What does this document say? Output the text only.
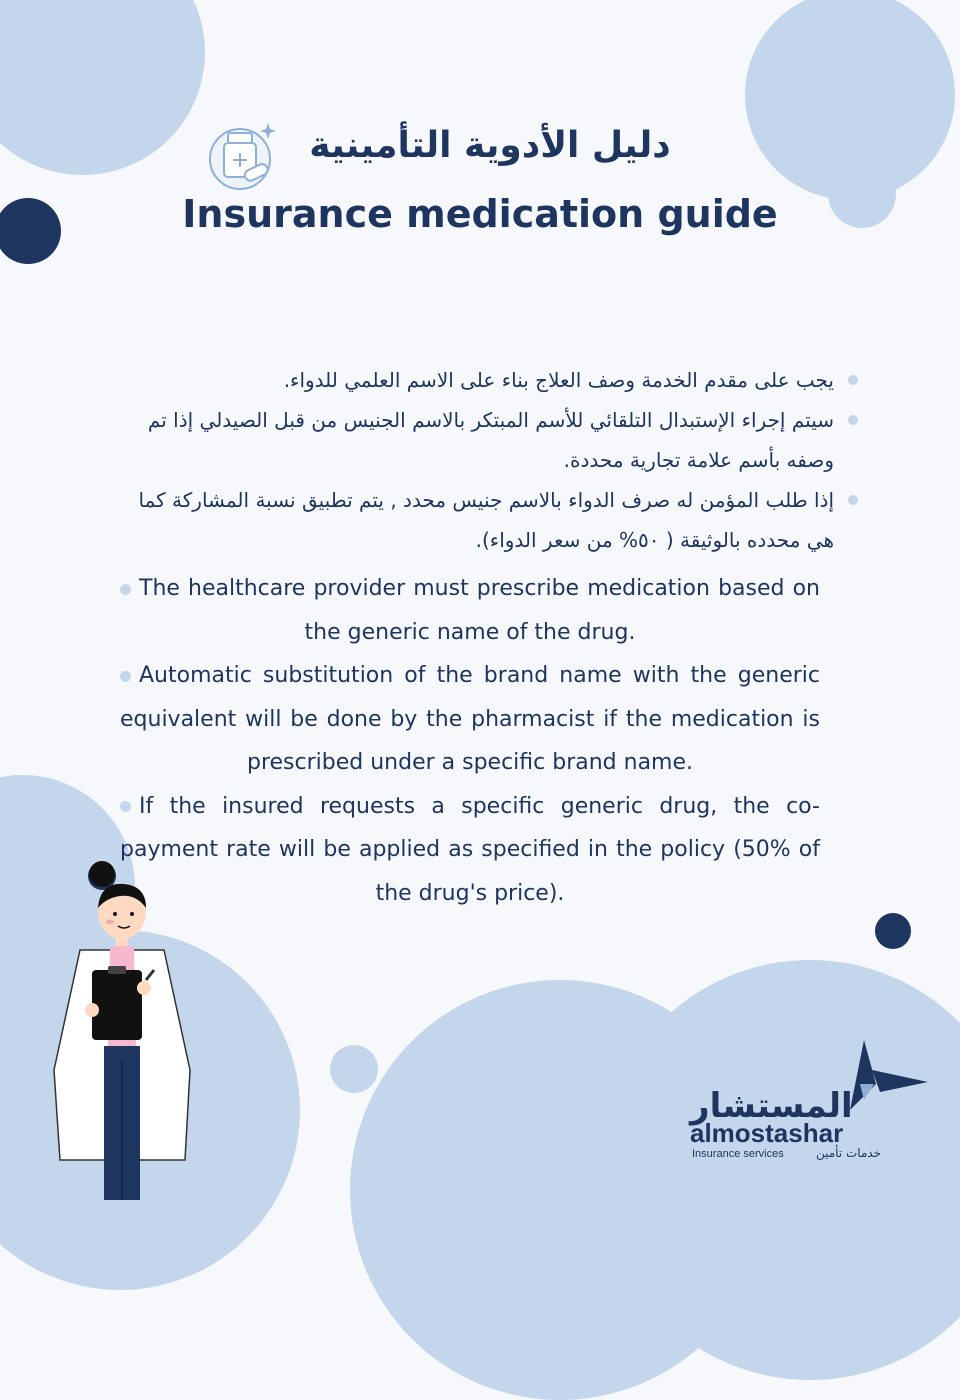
دليل الأدوية التأمينية
Insurance medication guide

يجب على مقدم الخدمة وصف العلاج بناء على الاسم العلمي للدواء.

سيتم إجراء الإستبدال التلقائي للأسم المبتكر بالاسم الجنيس من قبل الصيدلي إذا تم وصفه بأسم علامة تجارية محددة.

إذا طلب المؤمن له صرف الدواء بالاسم جنيس محدد , يتم تطبيق نسبة المشاركة كما هي محدده بالوثيقة ( ٥٠% من سعر الدواء).

The healthcare provider must prescribe medication based on the generic name of the drug.

Automatic substitution of the brand name with the generic equivalent will be done by the pharmacist if the medication is prescribed under a specific brand name.

If the insured requests a specific generic drug, the co-payment rate will be applied as specified in the policy (50% of the drug's price).

المستشار
almostashar
Insurance services	خدمات تأمين
